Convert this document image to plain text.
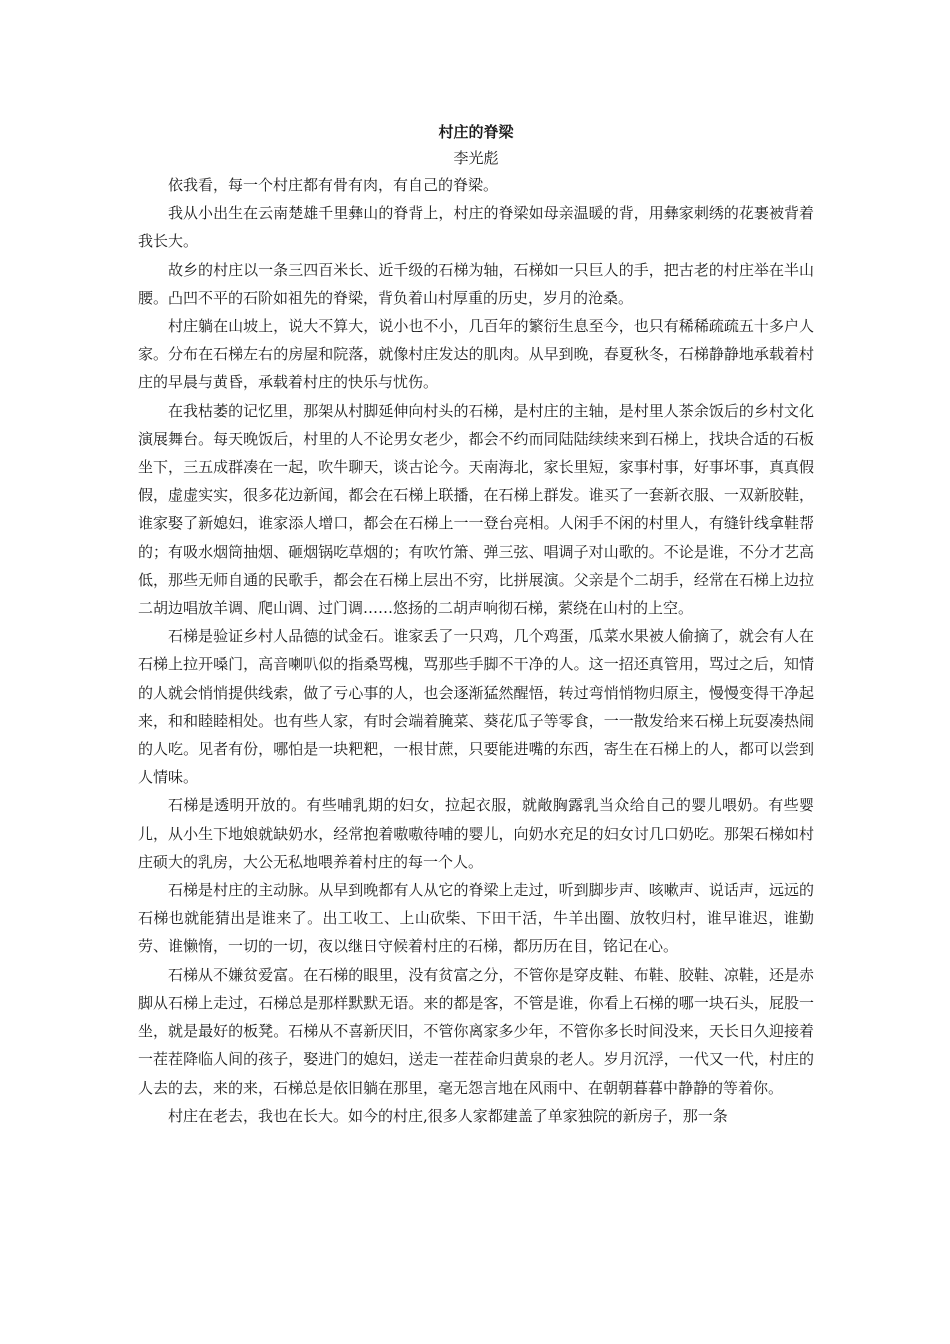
村庄的脊梁
李光彪

依我看，每一个村庄都有骨有肉，有自己的脊梁。

我从小出生在云南楚雄千里彝山的脊背上，村庄的脊梁如母亲温暖的背，用彝家刺绣的花裹被背着我长大。

故乡的村庄以一条三四百米长、近千级的石梯为轴，石梯如一只巨人的手，把古老的村庄举在半山腰。凸凹不平的石阶如祖先的脊梁，背负着山村厚重的历史，岁月的沧桑。

村庄躺在山坡上，说大不算大，说小也不小，几百年的繁衍生息至今，也只有稀稀疏疏五十多户人家。分布在石梯左右的房屋和院落，就像村庄发达的肌肉。从早到晚，春夏秋冬，石梯静静地承载着村庄的早晨与黄昏，承载着村庄的快乐与忧伤。

在我枯萎的记忆里，那架从村脚延伸向村头的石梯，是村庄的主轴，是村里人茶余饭后的乡村文化演展舞台。每天晚饭后，村里的人不论男女老少，都会不约而同陆陆续续来到石梯上，找块合适的石板坐下，三五成群凑在一起，吹牛聊天，谈古论今。天南海北，家长里短，家事村事，好事坏事，真真假假，虚虚实实，很多花边新闻，都会在石梯上联播，在石梯上群发。谁买了一套新衣服、一双新胶鞋，谁家娶了新媳妇，谁家添人增口，都会在石梯上一一登台亮相。人闲手不闲的村里人，有缝针线拿鞋帮的；有吸水烟筒抽烟、砸烟锅吃草烟的；有吹竹箫、弹三弦、唱调子对山歌的。不论是谁，不分才艺高低，那些无师自通的民歌手，都会在石梯上层出不穷，比拼展演。父亲是个二胡手，经常在石梯上边拉二胡边唱放羊调、爬山调、过门调……悠扬的二胡声响彻石梯，萦绕在山村的上空。

石梯是验证乡村人品德的试金石。谁家丢了一只鸡，几个鸡蛋，瓜菜水果被人偷摘了，就会有人在石梯上拉开嗓门，高音喇叭似的指桑骂槐，骂那些手脚不干净的人。这一招还真管用，骂过之后，知情的人就会悄悄提供线索，做了亏心事的人，也会逐渐猛然醒悟，转过弯悄悄物归原主，慢慢变得干净起来，和和睦睦相处。也有些人家，有时会端着腌菜、葵花瓜子等零食，一一散发给来石梯上玩耍凑热闹的人吃。见者有份，哪怕是一块粑粑，一根甘蔗，只要能进嘴的东西，寄生在石梯上的人，都可以尝到人情味。

石梯是透明开放的。有些哺乳期的妇女，拉起衣服，就敞胸露乳当众给自己的婴儿喂奶。有些婴儿，从小生下地娘就缺奶水，经常抱着嗷嗷待哺的婴儿，向奶水充足的妇女讨几口奶吃。那架石梯如村庄硕大的乳房，大公无私地喂养着村庄的每一个人。

石梯是村庄的主动脉。从早到晚都有人从它的脊梁上走过，听到脚步声、咳嗽声、说话声，远远的石梯也就能猜出是谁来了。出工收工、上山砍柴、下田干活，牛羊出圈、放牧归村，谁早谁迟，谁勤劳、谁懒惰，一切的一切，夜以继日守候着村庄的石梯，都历历在目，铭记在心。

石梯从不嫌贫爱富。在石梯的眼里，没有贫富之分，不管你是穿皮鞋、布鞋、胶鞋、凉鞋，还是赤脚从石梯上走过，石梯总是那样默默无语。来的都是客，不管是谁，你看上石梯的哪一块石头，屁股一坐，就是最好的板凳。石梯从不喜新厌旧，不管你离家多少年，不管你多长时间没来，天长日久迎接着一茬茬降临人间的孩子，娶进门的媳妇，送走一茬茬命归黄泉的老人。岁月沉浮，一代又一代，村庄的人去的去，来的来，石梯总是依旧躺在那里，毫无怨言地在风雨中、在朝朝暮暮中静静的等着你。

村庄在老去，我也在长大。如今的村庄,很多人家都建盖了单家独院的新房子，那一条
